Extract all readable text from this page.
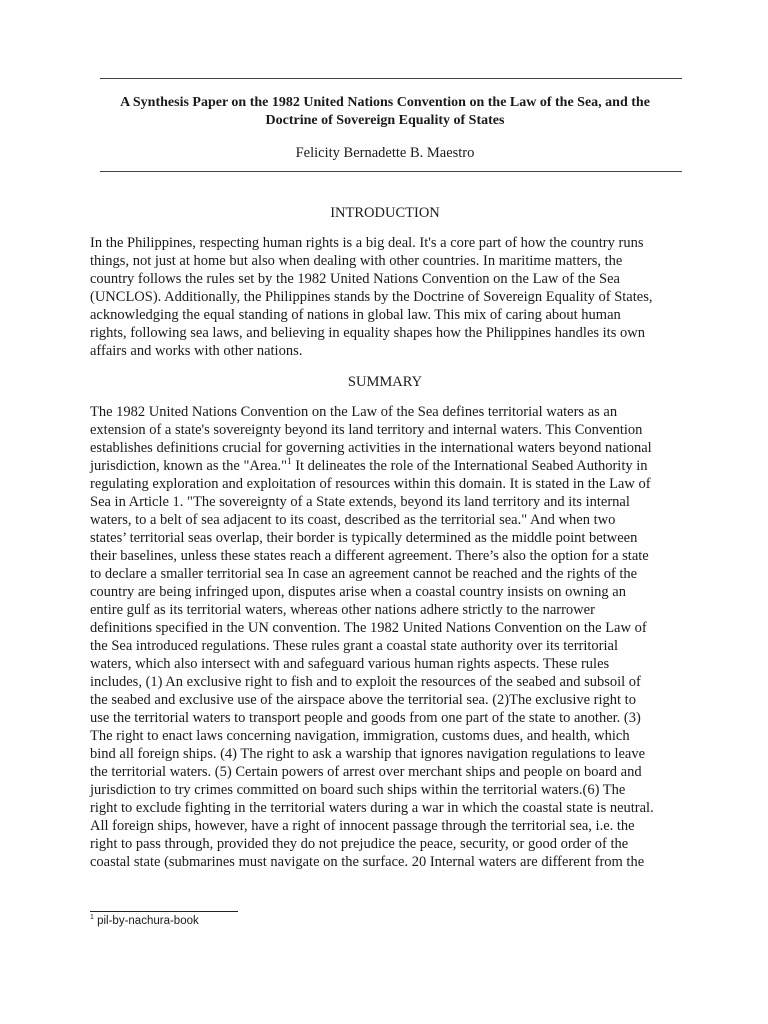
A Synthesis Paper on the 1982 United Nations Convention on the Law of the Sea, and the
Doctrine of Sovereign Equality of States
Felicity Bernadette B. Maestro
INTRODUCTION
In the Philippines, respecting human rights is a big deal. It's a core part of how the country runs
things, not just at home but also when dealing with other countries. In maritime matters, the
country follows the rules set by the 1982 United Nations Convention on the Law of the Sea
(UNCLOS). Additionally, the Philippines stands by the Doctrine of Sovereign Equality of States,
acknowledging the equal standing of nations in global law. This mix of caring about human
rights, following sea laws, and believing in equality shapes how the Philippines handles its own
affairs and works with other nations.
SUMMARY
The 1982 United Nations Convention on the Law of the Sea defines territorial waters as an
extension of a state's sovereignty beyond its land territory and internal waters. This Convention
establishes definitions crucial for governing activities in the international waters beyond national
jurisdiction, known as the "Area."$^1$ It delineates the role of the International Seabed Authority in
regulating exploration and exploitation of resources within this domain. It is stated in the Law of
Sea in Article 1. "The sovereignty of a State extends, beyond its land territory and its internal
waters, to a belt of sea adjacent to its coast, described as the territorial sea." And when two
states’ territorial seas overlap, their border is typically determined as the middle point between
their baselines, unless these states reach a different agreement. There’s also the option for a state
to declare a smaller territorial sea In case an agreement cannot be reached and the rights of the
country are being infringed upon, disputes arise when a coastal country insists on owning an
entire gulf as its territorial waters, whereas other nations adhere strictly to the narrower
definitions specified in the UN convention. The 1982 United Nations Convention on the Law of
the Sea introduced regulations. These rules grant a coastal state authority over its territorial
waters, which also intersect with and safeguard various human rights aspects. These rules
includes, (1) An exclusive right to fish and to exploit the resources of the seabed and subsoil of
the seabed and exclusive use of the airspace above the territorial sea. (2)The exclusive right to
use the territorial waters to transport people and goods from one part of the state to another. (3)
The right to enact laws concerning navigation, immigration, customs dues, and health, which
bind all foreign ships. (4) The right to ask a warship that ignores navigation regulations to leave
the territorial waters. (5) Certain powers of arrest over merchant ships and people on board and
jurisdiction to try crimes committed on board such ships within the territorial waters.(6) The
right to exclude fighting in the territorial waters during a war in which the coastal state is neutral.
All foreign ships, however, have a right of innocent passage through the territorial sea, i.e. the
right to pass through, provided they do not prejudice the peace, security, or good order of the
coastal state (submarines must navigate on the surface. 20 Internal waters are different from the
$^1$ pil-by-nachura-book
